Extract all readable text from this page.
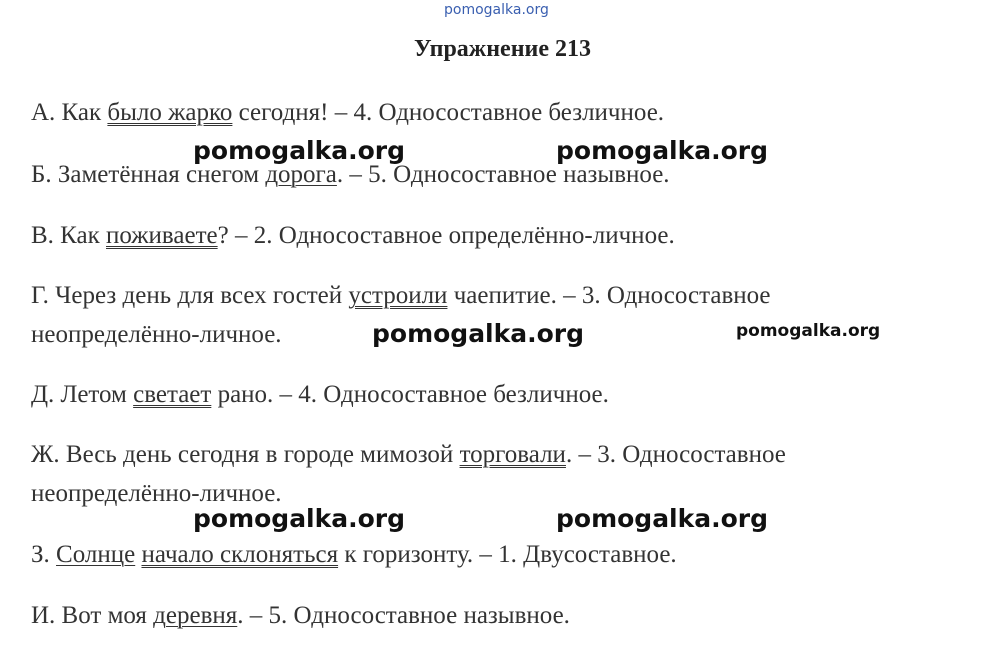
pomogalka.org
Упражнение 213
А. Как было жарко сегодня! – 4. Односоставное безличное.
Б. Заметённая снегом дорога. – 5. Односоставное назывное.
В. Как поживаете? – 2. Односоставное определённо-личное.
Г. Через день для всех гостей устроили чаепитие. – 3. Односоставное
неопределённо-личное.
Д. Летом светает рано. – 4. Односоставное безличное.
Ж. Весь день сегодня в городе мимозой торговали. – 3. Односоставное
неопределённо-личное.
З. Солнце начало склоняться к горизонту. – 1. Двусоставное.
И. Вот моя деревня. – 5. Односоставное назывное.
pomogalka.org	pomogalka.org
pomogalka.org	pomogalka.org
pomogalka.org	pomogalka.org
